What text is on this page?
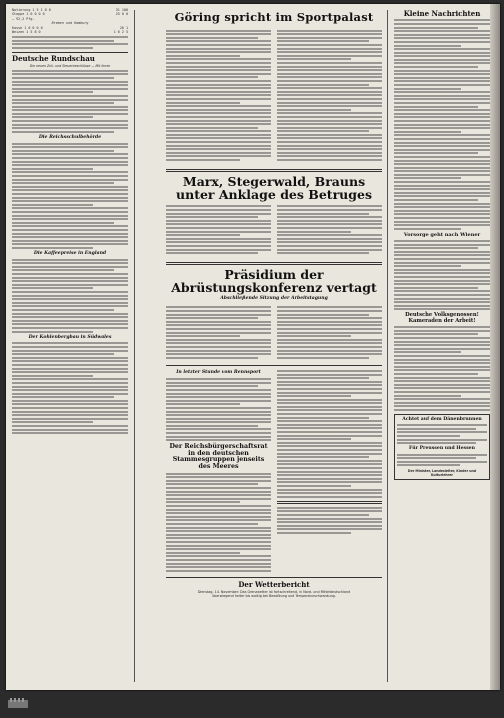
Notierung 1 5 1 0 0	31 108
Stoppe 1 0 0 0 0	25 0 0
— 92,2 Pfg.
Bremen und Hamburg
Kasse 1 0 0 0 0	26 1
Weizen 1 5 8 0	1 6 2 5
Deutsche Rundschau
Die neuen Zoll- und Steuerbeschlüsse — Mit ihnen
Die Reichsschulbehörde
Die Kaffeepreise in England
Der Kohlenbergbau in Südwales
Göring spricht im Sportpalast
Marx, Stegerwald, Brauns unter Anklage des Betruges
Präsidium der Abrüstungskonferenz vertagt
Abschließende Sitzung der Arbeitstagung
In letzter Stunde vom Rennsport
Der Reichsbürgerschaftsrat in den deutschen Stammesgruppen jenseits des Meeres
Der Wetterbericht
Dienstag, 14. November: Das Grenzwetter ist fortschreitend, in Nord- und Mitteldeutschland überwiegend heiter bis wolkig bei Bewölkung und Temperaturschwankung.
Kleine Nachrichten
Vorsorge geht nach Wiener
Deutsche Volksgenossen! Kameraden der Arbeit!
Achtet auf dem Dänenbrunnen
Für Preussen und Hessen
Der Minister, Landesleiter, Kinder und Kulturlehrer
